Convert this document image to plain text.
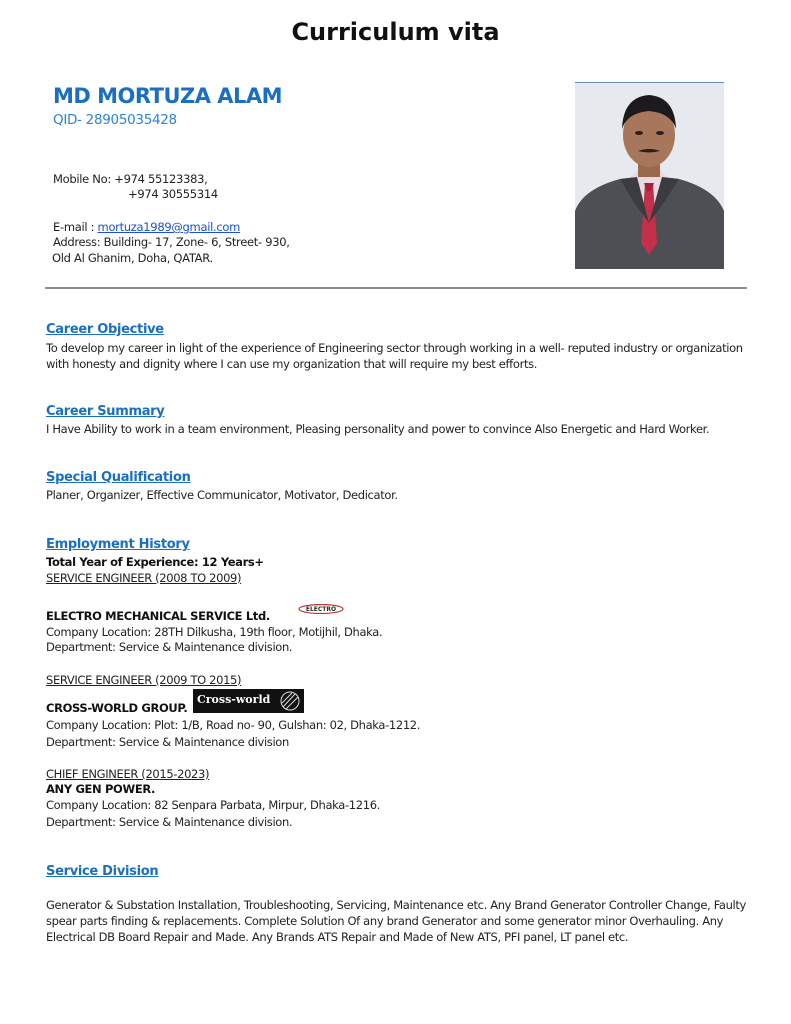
Curriculum vita
MD MORTUZA ALAM
QID- 28905035428
Mobile No: +974 55123383,
+974 30555314
E-mail : mortuza1989@gmail.com
Address: Building- 17, Zone- 6, Street- 930,
Old Al Ghanim, Doha, QATAR.
Career Objective
To develop my career in light of the experience of Engineering sector through working in a well- reputed industry or organization with honesty and dignity where I can use my organization that will require my best efforts.
Career Summary
I Have Ability to work in a team environment, Pleasing personality and power to convince Also Energetic and Hard Worker.
Special Qualification
Planer, Organizer, Effective Communicator, Motivator, Dedicator.
Employment History
Total Year of Experience: 12 Years+
SERVICE ENGINEER (2008 TO 2009)
ELECTRO
ELECTRO MECHANICAL SERVICE Ltd.
Company Location: 28TH Dilkusha, 19th floor, Motijhil, Dhaka.
Department: Service & Maintenance division.
SERVICE ENGINEER (2009 TO 2015)
CROSS-WORLD GROUP.
Cross-world
Company Location: Plot: 1/B, Road no- 90, Gulshan: 02, Dhaka-1212.
Department: Service & Maintenance division
CHIEF ENGINEER (2015-2023)
ANY GEN POWER.
Company Location: 82 Senpara Parbata, Mirpur, Dhaka-1216.
Department: Service & Maintenance division.
Service Division
Generator & Substation Installation, Troubleshooting, Servicing, Maintenance etc. Any Brand Generator Controller Change, Faulty spear parts finding & replacements. Complete Solution Of any brand Generator and some generator minor Overhauling. Any Electrical DB Board Repair and Made. Any Brands ATS Repair and Made of New ATS, PFI panel, LT panel etc.
